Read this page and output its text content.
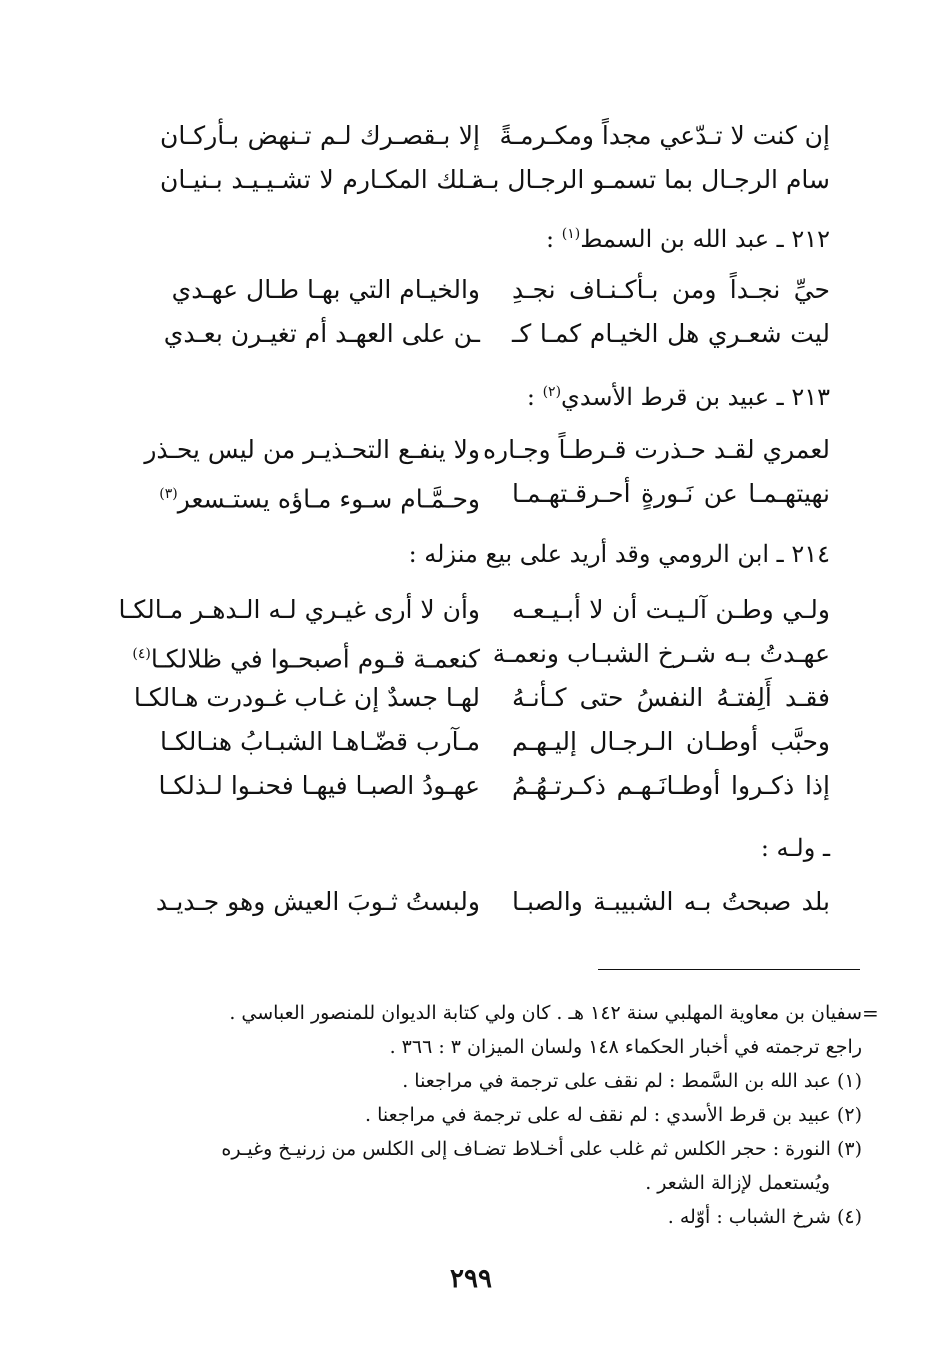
إن كنت لا تـدّعي مجداً ومكـرمـةً
إلا بـقصـرك لـم تـنهض بـأركـان
سام الرجـال بما تسمـو الرجـال بـه
تـلك المكـارم لا تشـيـيـد بـنيـان
٢١٢ ـ عبد الله بن السمط$^{(١)}$ :
حيِّ نجـداً ومن بـأكـنـاف نجـدِ
والخيـام التي بهـا طـال عهـدي
ليت شعـري هل الخيـام كمـا كـ
ـن على العهـد أم تغيـرن بعـدي
٢١٣ ـ عبيد بن قرط الأسدي$^{(٢)}$ :
لعمري لقـد حـذرت قـرطـاً وجـاره
ولا ينفـع التحـذيـر من ليس يحـذر
نهيتهـمـا عن نَـورةٍ أحـرقـتهـمـا
وحـمَّـام سـوء مـاؤه يستـسعر$^{(٣)}$
٢١٤ ـ ابن الرومي وقد أريد على بيع منزله :
ولـي وطـن آلـيـت أن لا أبـيـعـه
وأن لا أرى غيـري لـه الـدهـر مـالكـا
عهـدتُ بـه شـرخ الشبـاب ونعمـة
كنعمـة قـوم أصبحـوا في ظلالكـا$^{(٤)}$
فقـد أَلِفتـهُ النفسُ حتى كـأنـهُ
لهـا جسدٌ إن غـاب غـودرت هـالكـا
وحبَّب أوطـان الـرجـال إليـهـم
مـآرب قضّـاهـا الشبـابُ هنـالكـا
إذا ذكـروا أوطـانَـهـم ذكـرتـهُـمُ
عهـودُ الصبـا فيهـا فحنـوا لـذلكـا
ـ ولـه :
بلد صبحتُ بـه الشبيبـة والصبـا
ولبستُ ثـوبَ العيش وهو جـديـد
=
سفيان بن معاوية المهلبي سنة ١٤٢ هـ . كان ولي كتابة الديوان للمنصور العباسي .
راجع ترجمته في أخبار الحكماء ١٤٨ ولسان الميزان ٣ : ٣٦٦ .
(١) عبد الله بن السَّمط : لم نقف على ترجمة في مراجعنا .
(٢) عبيد بن قرط الأسدي : لم نقف له على ترجمة في مراجعنا .
(٣) النورة : حجر الكلس ثم غلب على أخـلاط تضـاف إلى الكلس من زرنيـخ وغيـره
ويُستعمل لإزالة الشعر .
(٤) شرخ الشباب : أوّله .
٢٩٩
